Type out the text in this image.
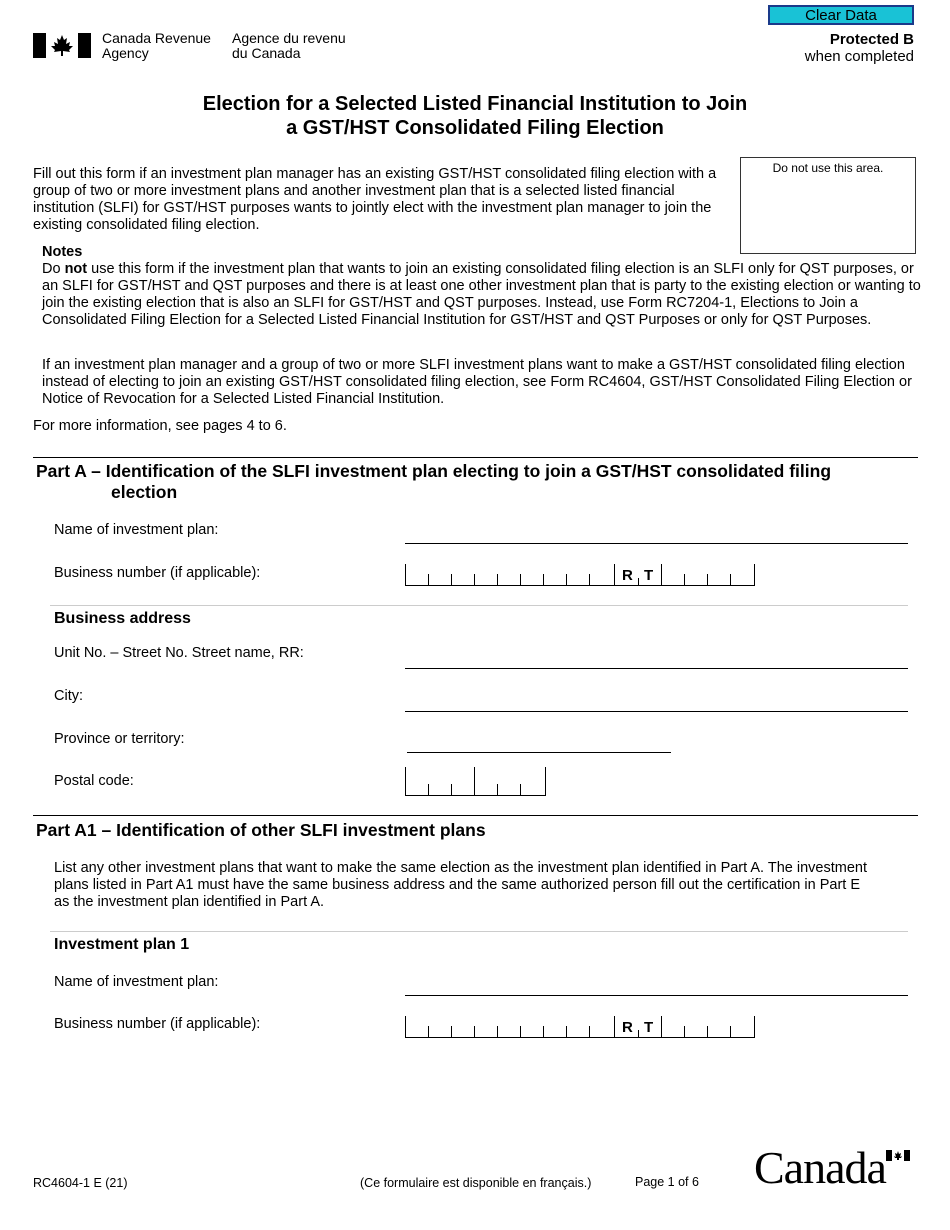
Canada Revenue
Agency
Agence du revenu
du Canada
Clear Data
Protected B
when completed
Election for a Selected Listed Financial Institution to Join
a GST/HST Consolidated Filing Election
Fill out this form if an investment plan manager has an existing GST/HST consolidated filing election with a group of two or more investment plans and another investment plan that is a selected listed financial institution (SLFI) for GST/HST purposes wants to jointly elect with the investment plan manager to join the existing consolidated filing election.
Do not use this area.
Notes
Do not use this form if the investment plan that wants to join an existing consolidated filing election is an SLFI only for QST purposes, or an SLFI for GST/HST and QST purposes and there is at least one other investment plan that is party to the existing election or wanting to join the existing election that is also an SLFI for GST/HST and QST purposes. Instead, use Form RC7204-1, Elections to Join a Consolidated Filing Election for a Selected Listed Financial Institution for GST/HST and QST Purposes or only for QST Purposes.
If an investment plan manager and a group of two or more SLFI investment plans want to make a GST/HST consolidated filing election instead of electing to join an existing GST/HST consolidated filing election, see Form RC4604, GST/HST Consolidated Filing Election or Notice of Revocation for a Selected Listed Financial Institution.
For more information, see pages 4 to 6.
Part A – Identification of the SLFI investment plan electing to join a GST/HST consolidated filing
election
Name of investment plan:
Business number (if applicable):	R T
Business address
Unit No. – Street No. Street name, RR:
City:
Province or territory:
Postal code:
Part A1 – Identification of other SLFI investment plans
List any other investment plans that want to make the same election as the investment plan identified in Part A. The investment plans listed in Part A1 must have the same business address and the same authorized person fill out the certification in Part E as the investment plan identified in Part A.
Investment plan 1
Name of investment plan:
Business number (if applicable):	R T
RC4604-1 E (21)	(Ce formulaire est disponible en français.)	Page 1 of 6 Canada
